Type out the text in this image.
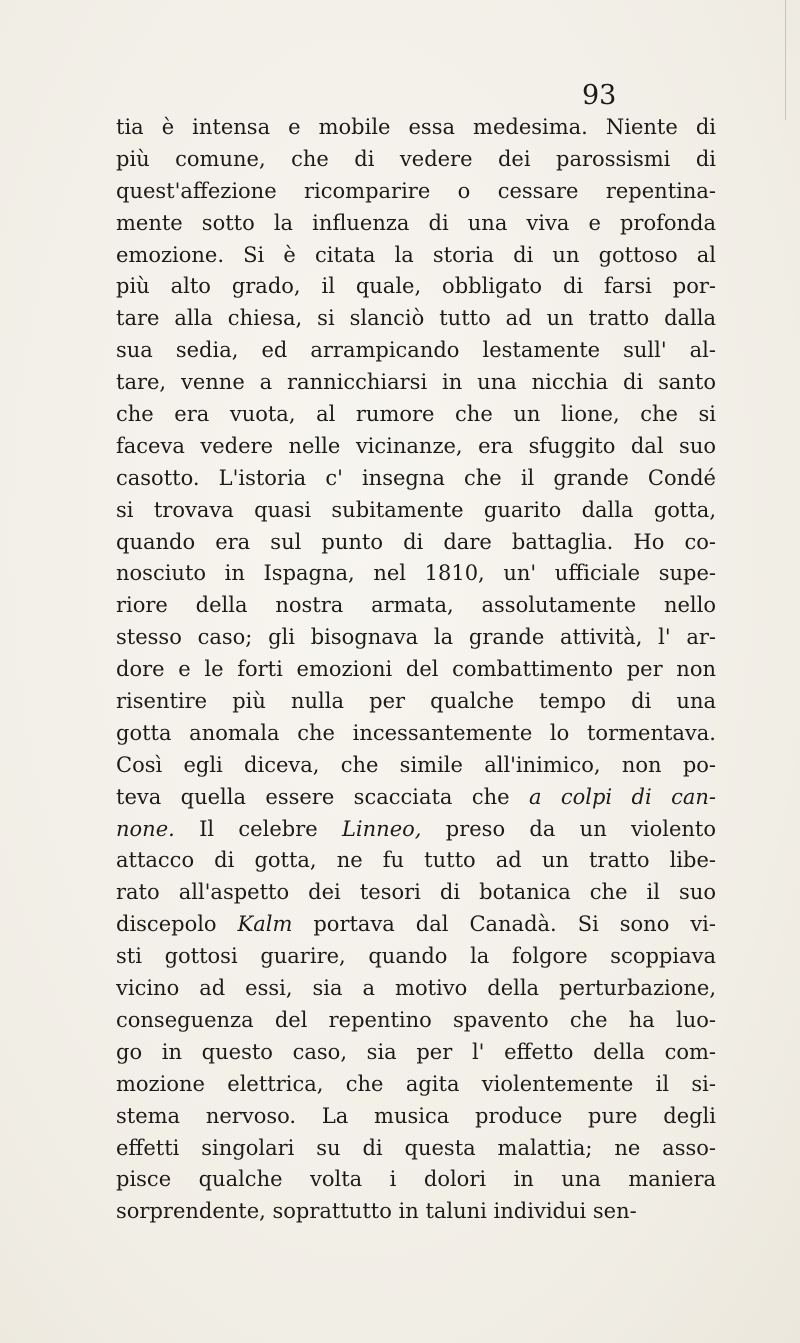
93
tia è intensa e mobile essa medesima. Niente di
più comune, che di vedere dei parossismi di
quest'affezione ricomparire o cessare repentina-
mente sotto la influenza di una viva e profonda
emozione. Si è citata la storia di un gottoso al
più alto grado, il quale, obbligato di farsi por-
tare alla chiesa, si slanciò tutto ad un tratto dalla
sua sedia, ed arrampicando lestamente sull' al-
tare, venne a rannicchiarsi in una nicchia di santo
che era vuota, al rumore che un lione, che si
faceva vedere nelle vicinanze, era sfuggito dal suo
casotto. L'istoria c' insegna che il grande Condé
si trovava quasi subitamente guarito dalla gotta,
quando era sul punto di dare battaglia. Ho co-
nosciuto in Ispagna, nel 1810, un' ufficiale supe-
riore della nostra armata, assolutamente nello
stesso caso; gli bisognava la grande attività, l' ar-
dore e le forti emozioni del combattimento per non
risentire più nulla per qualche tempo di una
gotta anomala che incessantemente lo tormentava.
Così egli diceva, che simile all'inimico, non po-
teva quella essere scacciata che a colpi di can-
none. Il celebre Linneo, preso da un violento
attacco di gotta, ne fu tutto ad un tratto libe-
rato all'aspetto dei tesori di botanica che il suo
discepolo Kalm portava dal Canadà. Si sono vi-
sti gottosi guarire, quando la folgore scoppiava
vicino ad essi, sia a motivo della perturbazione,
conseguenza del repentino spavento che ha luo-
go in questo caso, sia per l' effetto della com-
mozione elettrica, che agita violentemente il si-
stema nervoso. La musica produce pure degli
effetti singolari su di questa malattia; ne asso-
pisce qualche volta i dolori in una maniera
sorprendente, soprattutto in taluni individui sen-
